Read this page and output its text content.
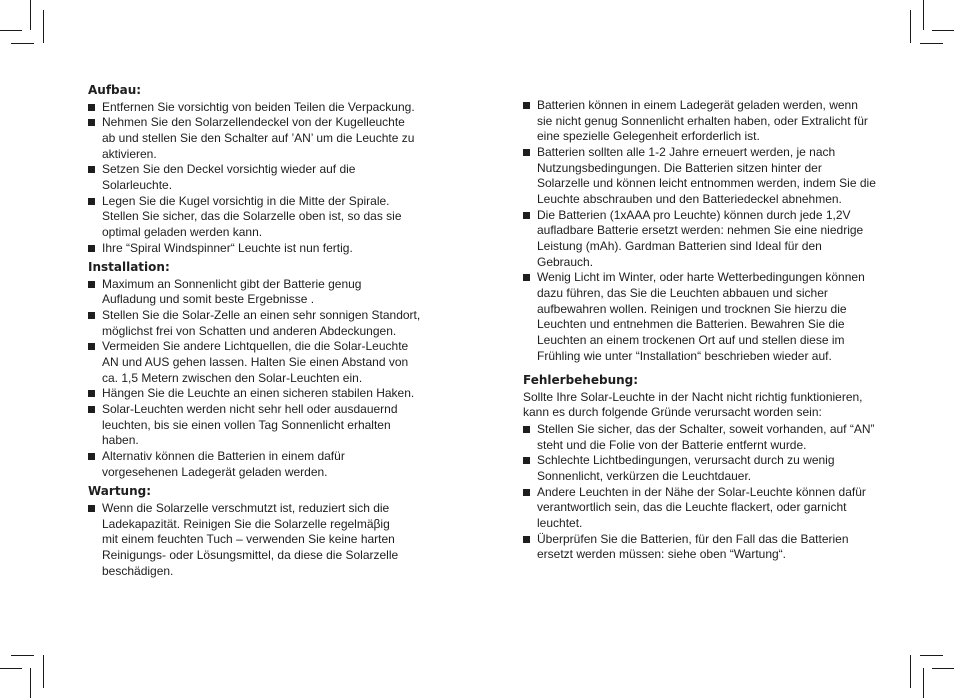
Aufbau:
Entfernen Sie vorsichtig von beiden Teilen die Verpackung.
Nehmen Sie den Solarzellendeckel von der Kugelleuchte
ab und stellen Sie den Schalter auf ’AN’ um die Leuchte zu
aktivieren.
Setzen Sie den Deckel vorsichtig wieder auf die
Solarleuchte.
Legen Sie die Kugel vorsichtig in die Mitte der Spirale.
Stellen Sie sicher, das die Solarzelle oben ist, so das sie
optimal geladen werden kann.
Ihre “Spiral Windspinner“ Leuchte ist nun fertig.
Installation:
Maximum an Sonnenlicht gibt der Batterie genug
Aufladung und somit beste Ergebnisse .
Stellen Sie die Solar-Zelle an einen sehr sonnigen Standort,
möglichst frei von Schatten und anderen Abdeckungen.
Vermeiden Sie andere Lichtquellen, die die Solar-Leuchte
AN und AUS gehen lassen. Halten Sie einen Abstand von
ca. 1,5 Metern zwischen den Solar-Leuchten ein.
Hängen Sie die Leuchte an einen sicheren stabilen Haken.
Solar-Leuchten werden nicht sehr hell oder ausdauernd
leuchten, bis sie einen vollen Tag Sonnenlicht erhalten
haben.
Alternativ können die Batterien in einem dafür
vorgesehenen Ladegerät geladen werden.
Wartung:
Wenn die Solarzelle verschmutzt ist, reduziert sich die
Ladekapazität. Reinigen Sie die Solarzelle regelmäβig
mit einem feuchten Tuch – verwenden Sie keine harten
Reinigungs- oder Lösungsmittel, da diese die Solarzelle
beschädigen.
Batterien können in einem Ladegerät geladen werden, wenn
sie nicht genug Sonnenlicht erhalten haben, oder Extralicht für
eine spezielle Gelegenheit erforderlich ist.
Batterien sollten alle 1-2 Jahre erneuert werden, je nach
Nutzungsbedingungen. Die Batterien sitzen hinter der
Solarzelle und können leicht entnommen werden, indem Sie die
Leuchte abschrauben und den Batteriedeckel abnehmen.
Die Batterien (1xAAA pro Leuchte) können durch jede 1,2V
aufladbare Batterie ersetzt werden: nehmen Sie eine niedrige
Leistung (mAh). Gardman Batterien sind Ideal für den
Gebrauch.
Wenig Licht im Winter, oder harte Wetterbedingungen können
dazu führen, das Sie die Leuchten abbauen und sicher
aufbewahren wollen. Reinigen und trocknen Sie hierzu die
Leuchten und entnehmen die Batterien. Bewahren Sie die
Leuchten an einem trockenen Ort auf und stellen diese im
Frühling wie unter “Installation“ beschrieben wieder auf.
Fehlerbehebung:
Sollte Ihre Solar-Leuchte in der Nacht nicht richtig funktionieren,
kann es durch folgende Gründe verursacht worden sein:
Stellen Sie sicher, das der Schalter, soweit vorhanden, auf “AN”
steht und die Folie von der Batterie entfernt wurde.
Schlechte Lichtbedingungen, verursacht durch zu wenig
Sonnenlicht, verkürzen die Leuchtdauer.
Andere Leuchten in der Nähe der Solar-Leuchte können dafür
verantwortlich sein, das die Leuchte flackert, oder garnicht
leuchtet.
Überprüfen Sie die Batterien, für den Fall das die Batterien
ersetzt werden müssen: siehe oben “Wartung“.
